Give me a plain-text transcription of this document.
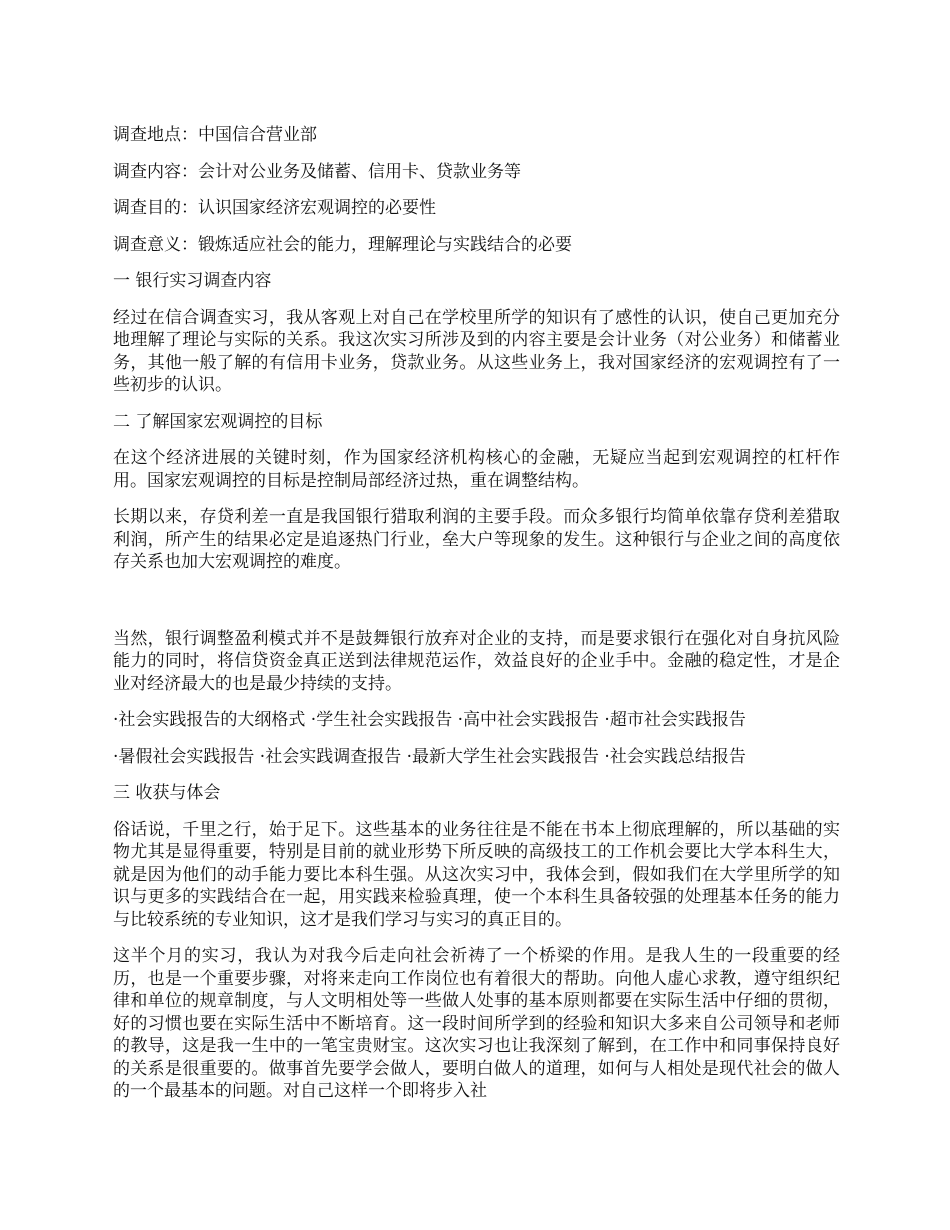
调查地点：中国信合营业部
调查内容：会计对公业务及储蓄、信用卡、贷款业务等
调查目的：认识国家经济宏观调控的必要性
调查意义：锻炼适应社会的能力，理解理论与实践结合的必要
一 银行实习调查内容
经过在信合调查实习，我从客观上对自己在学校里所学的知识有了感性的认识，使自己更加充分地理解了理论与实际的关系。我这次实习所涉及到的内容主要是会计业务（对公业务）和储蓄业务，其他一般了解的有信用卡业务，贷款业务。从这些业务上，我对国家经济的宏观调控有了一些初步的认识。
二 了解国家宏观调控的目标
在这个经济进展的关键时刻，作为国家经济机构核心的金融，无疑应当起到宏观调控的杠杆作用。国家宏观调控的目标是控制局部经济过热，重在调整结构。
长期以来，存贷利差一直是我国银行猎取利润的主要手段。而众多银行均简单依靠存贷利差猎取利润，所产生的结果必定是追逐热门行业，垒大户等现象的发生。这种银行与企业之间的高度依存关系也加大宏观调控的难度。
当然，银行调整盈利模式并不是鼓舞银行放弃对企业的支持，而是要求银行在强化对自身抗风险能力的同时，将信贷资金真正送到法律规范运作，效益良好的企业手中。金融的稳定性，才是企业对经济最大的也是最少持续的支持。
·社会实践报告的大纲格式 ·学生社会实践报告 ·高中社会实践报告 ·超市社会实践报告
·暑假社会实践报告 ·社会实践调查报告 ·最新大学生社会实践报告 ·社会实践总结报告
三 收获与体会
俗话说，千里之行，始于足下。这些基本的业务往往是不能在书本上彻底理解的，所以基础的实物尤其是显得重要，特别是目前的就业形势下所反映的高级技工的工作机会要比大学本科生大，就是因为他们的动手能力要比本科生强。从这次实习中，我体会到，假如我们在大学里所学的知识与更多的实践结合在一起，用实践来检验真理，使一个本科生具备较强的处理基本任务的能力与比较系统的专业知识，这才是我们学习与实习的真正目的。
这半个月的实习，我认为对我今后走向社会祈祷了一个桥梁的作用。是我人生的一段重要的经历，也是一个重要步骤，对将来走向工作岗位也有着很大的帮助。向他人虚心求教，遵守组织纪律和单位的规章制度，与人文明相处等一些做人处事的基本原则都要在实际生活中仔细的贯彻，好的习惯也要在实际生活中不断培育。这一段时间所学到的经验和知识大多来自公司领导和老师的教导，这是我一生中的一笔宝贵财宝。这次实习也让我深刻了解到，在工作中和同事保持良好的关系是很重要的。做事首先要学会做人，要明白做人的道理，如何与人相处是现代社会的做人的一个最基本的问题。对自己这样一个即将步入社
